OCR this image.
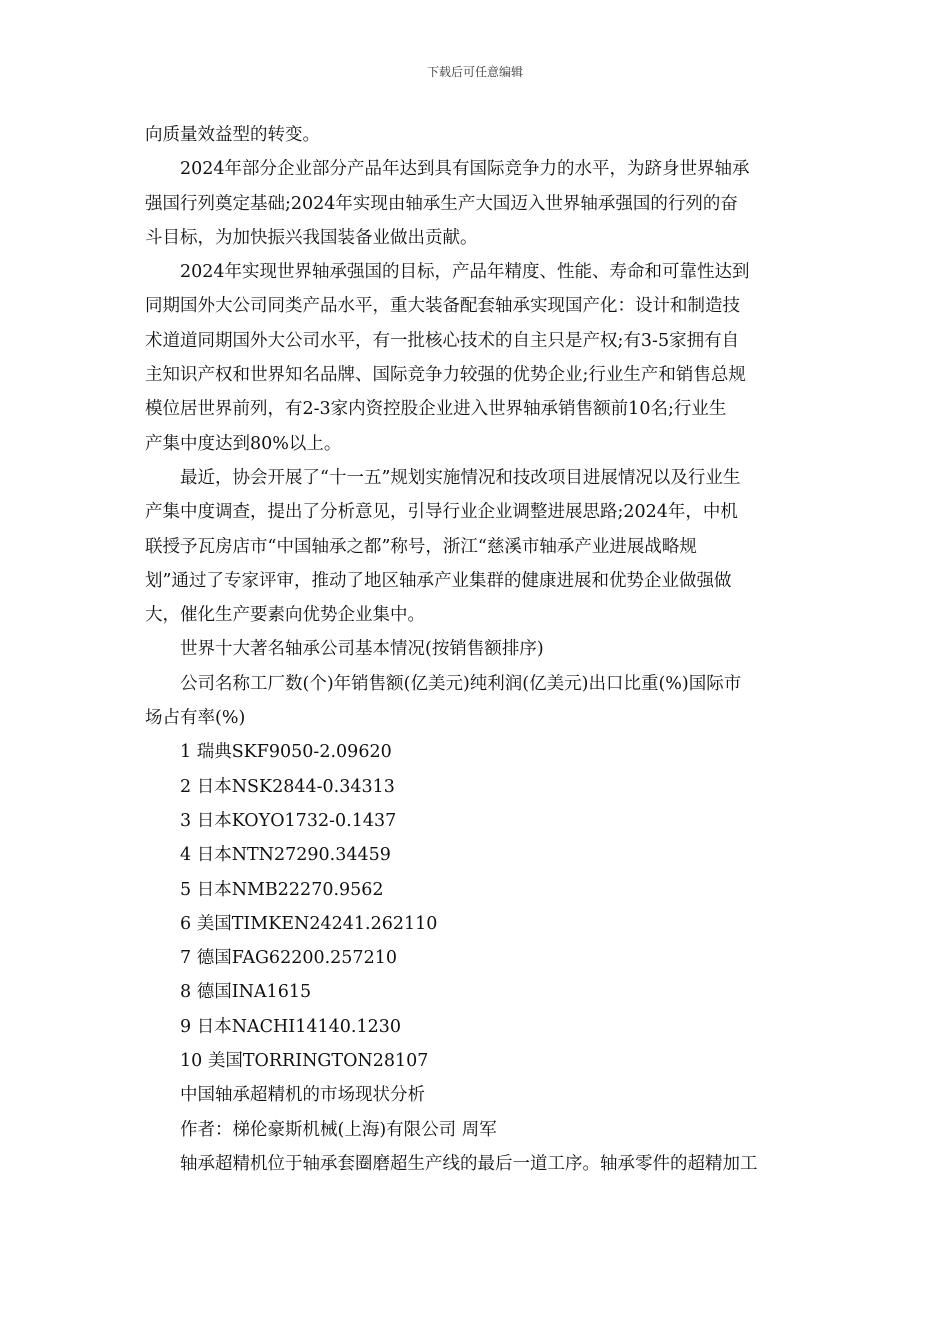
下载后可任意编辑

向质量效益型的转变。

2024年部分企业部分产品年达到具有国际竞争力的水平，为跻身世界轴承
强国行列奠定基础;2024年实现由轴承生产大国迈入世界轴承强国的行列的奋
斗目标，为加快振兴我国装备业做出贡献。

2024年实现世界轴承强国的目标，产品年精度、性能、寿命和可靠性达到
同期国外大公司同类产品水平，重大装备配套轴承实现国产化：设计和制造技
术道道同期国外大公司水平，有一批核心技术的自主只是产权;有3-5家拥有自
主知识产权和世界知名品牌、国际竞争力较强的优势企业;行业生产和销售总规
模位居世界前列，有2-3家内资控股企业进入世界轴承销售额前10名;行业生
产集中度达到80%以上。

最近，协会开展了“十一五”规划实施情况和技改项目进展情况以及行业生
产集中度调查，提出了分析意见，引导行业企业调整进展思路;2024年，中机
联授予瓦房店市“中国轴承之都”称号，浙江“慈溪市轴承产业进展战略规
划”通过了专家评审，推动了地区轴承产业集群的健康进展和优势企业做强做
大，催化生产要素向优势企业集中。

世界十大著名轴承公司基本情况(按销售额排序)

公司名称工厂数(个)年销售额(亿美元)纯利润(亿美元)出口比重(%)国际市
场占有率(%)

1 瑞典SKF9050-2.09620

2 日本NSK2844-0.34313

3 日本KOYO1732-0.1437

4 日本NTN27290.34459

5 日本NMB22270.9562

6 美国TIMKEN24241.262110

7 德国FAG62200.257210

8 德国INA1615

9 日本NACHI14140.1230

10 美国TORRINGTON28107

中国轴承超精机的市场现状分析

作者：梯伦豪斯机械(上海)有限公司 周军

轴承超精机位于轴承套圈磨超生产线的最后一道工序。轴承零件的超精加工
